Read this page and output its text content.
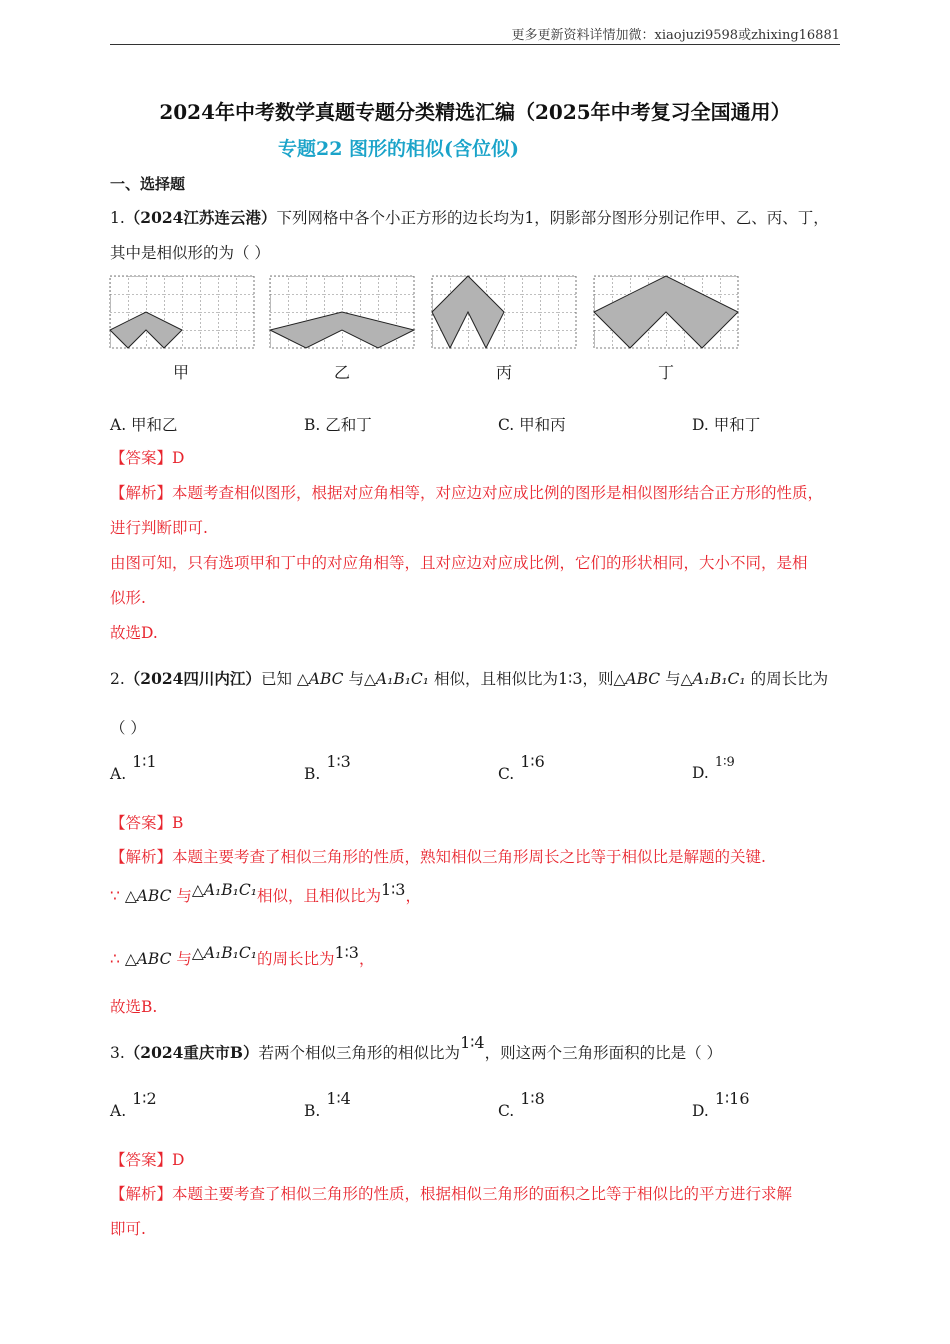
更多更新资料详情加微：xiaojuzi9598或zhixing16881
2024年中考数学真题专题分类精选汇编（2025年中考复习全国通用）
专题22 图形的相似(含位似)
一、选择题
1.（2024江苏连云港）下列网格中各个小正方形的边长均为1，阴影部分图形分别记作甲、乙、丙、丁，
其中是相似形的为（ ）
甲	乙	丙	丁
A. 甲和乙	B. 乙和丁	C. 甲和丙	D. 甲和丁
【答案】D
【解析】本题考查相似图形，根据对应角相等，对应边对应成比例的图形是相似图形结合正方形的性质，
进行判断即可.
由图可知，只有选项甲和丁中的对应角相等，且对应边对应成比例，它们的形状相同，大小不同，是相
似形.
故选D.
2.（2024四川内江）已知 △ABC 与△A₁B₁C₁ 相似，且相似比为1∶3，则△ABC 与△A₁B₁C₁ 的周长比为
（ ）
A.1∶1
B.1∶3
C.1∶6
D.$^{1∶9}$
【答案】B
【解析】本题主要考查了相似三角形的性质，熟知相似三角形周长之比等于相似比是解题的关键.
∵ △ABC 与△A₁B₁C₁相似，且相似比为1∶3，
∴ △ABC 与△A₁B₁C₁的周长比为1∶3，
故选B.
3.（2024重庆市B）若两个相似三角形的相似比为1∶4，则这两个三角形面积的比是（ ）
A.1∶2
B.1∶4
C.1∶8
D.1∶16
【答案】D
【解析】本题主要考查了相似三角形的性质，根据相似三角形的面积之比等于相似比的平方进行求解
即可.
